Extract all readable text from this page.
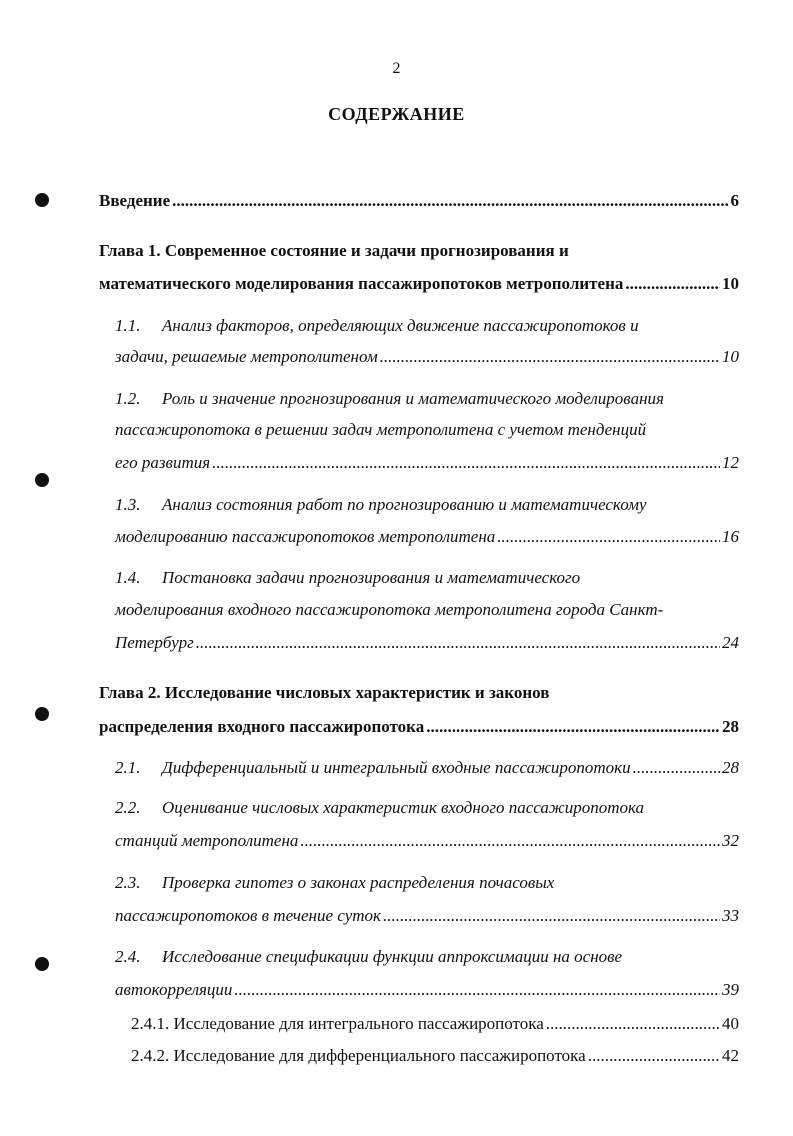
2
СОДЕРЖАНИЕ
Введение .....	6
Глава 1. Современное состояние и задачи прогнозирования и
математического моделирования пассажиропотоков метрополитена .....	10
1.1. Анализ факторов, определяющих движение пассажиропотоков и
задачи, решаемые метрополитеном .....	10
1.2. Роль и значение прогнозирования и математического моделирования
пассажиропотока в решении задач метрополитена с учетом тенденций
его развития .....	12
1.3. Анализ состояния работ по прогнозированию и математическому
моделированию пассажиропотоков метрополитена .....	16
1.4. Постановка задачи прогнозирования и математического
моделирования входного пассажиропотока метрополитена города Санкт-
Петербург .....	24
Глава 2. Исследование числовых характеристик и законов
распределения входного пассажиропотока .....	28
2.1.	Дифференциальный и интегральный входные пассажиропотоки .....	28
2.2. Оценивание числовых характеристик входного пассажиропотока
станций метрополитена .....	32
2.3. Проверка гипотез о законах распределения почасовых
пассажиропотоков в течение суток .....	33
2.4. Исследование спецификации функции аппроксимации на основе
автокорреляции .....	39
2.4.1. Исследование для интегрального пассажиропотока .....	40
2.4.2. Исследование для дифференциального пассажиропотока .....	42
